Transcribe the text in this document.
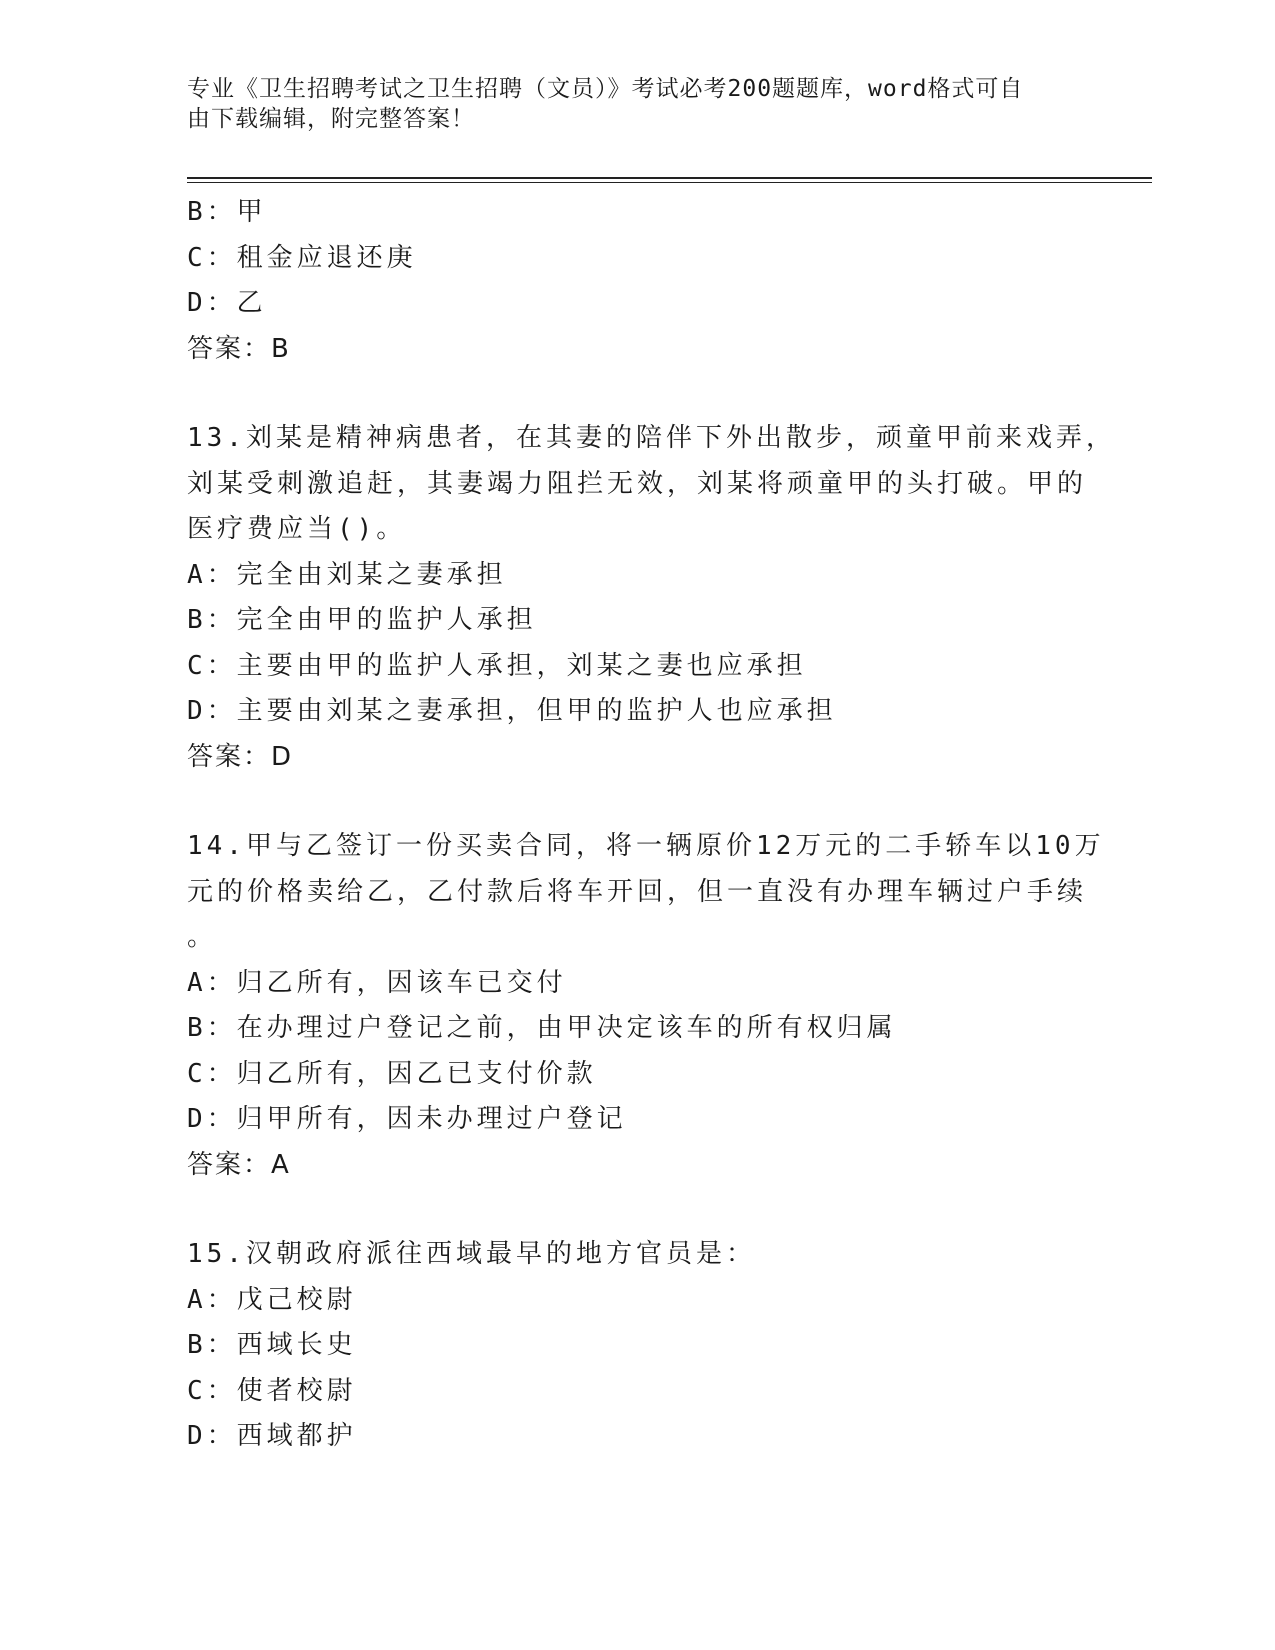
专业《卫生招聘考试之卫生招聘（文员）》考试必考200题题库，word格式可自
由下载编辑，附完整答案！
B：甲
C：租金应退还庚
D：乙
答案：B
13.刘某是精神病患者，在其妻的陪伴下外出散步，顽童甲前来戏弄，
刘某受刺激追赶，其妻竭力阻拦无效，刘某将顽童甲的头打破。甲的
医疗费应当()。
A：完全由刘某之妻承担
B：完全由甲的监护人承担
C：主要由甲的监护人承担，刘某之妻也应承担
D：主要由刘某之妻承担，但甲的监护人也应承担
答案：D
14.甲与乙签订一份买卖合同，将一辆原价12万元的二手轿车以10万
元的价格卖给乙，乙付款后将车开回，但一直没有办理车辆过户手续
。
A：归乙所有，因该车已交付
B：在办理过户登记之前，由甲决定该车的所有权归属
C：归乙所有，因乙已支付价款
D：归甲所有，因未办理过户登记
答案：A
15.汉朝政府派往西域最早的地方官员是：
A：戊己校尉
B：西域长史
C：使者校尉
D：西域都护
